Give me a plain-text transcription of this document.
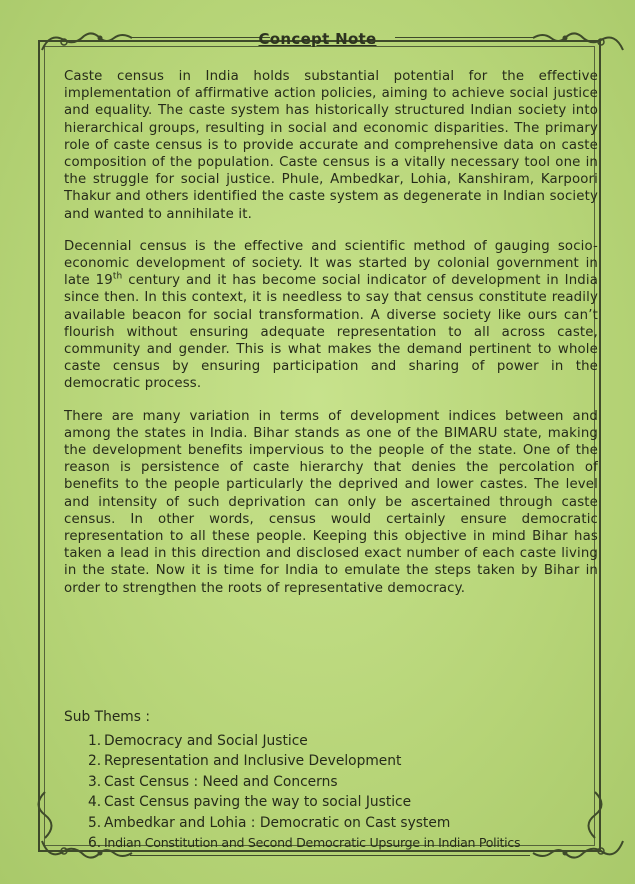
Concept Note

Caste census in India holds substantial potential for the effective implementation of affirmative action policies, aiming to achieve social justice and equality. The caste system has historically structured Indian society into hierarchical groups, resulting in social and economic disparities. The primary role of caste census is to provide accurate and comprehensive data on caste composition of the population. Caste census is a vitally necessary tool one in the struggle for social justice. Phule, Ambedkar, Lohia, Kanshiram, Karpoori Thakur and others identified the caste system as degenerate in Indian society and wanted to annihilate it.

Decennial census is the effective and scientific method of gauging socio-economic development of society. It was started by colonial government in late 19th century and it has become social indicator of development in India since then. In this context, it is needless to say that census constitute readily available beacon for social transformation. A diverse society like ours can’t flourish without ensuring adequate representation to all across caste, community and gender. This is what makes the demand pertinent to whole caste census by ensuring participation and sharing of power in the democratic process.

There are many variation in terms of development indices between and among the states in India. Bihar stands as one of the BIMARU state, making the development benefits impervious to the people of the state. One of the reason is persistence of caste hierarchy that denies the percolation of benefits to the people particularly the deprived and lower castes. The level and intensity of such deprivation can only be ascertained through caste census. In other words, census would certainly ensure democratic representation to all these people. Keeping this objective in mind Bihar has taken a lead in this direction and disclosed exact number of each caste living in the state. Now it is time for India to emulate the steps taken by Bihar in order to strengthen the roots of representative democracy.

Sub Thems :
1. Democracy and Social Justice
2. Representation and Inclusive Development
3. Cast Census : Need and Concerns
4. Cast Census paving the way to social Justice
5. Ambedkar and Lohia : Democratic on Cast system
6. Indian Constitution and Second Democratic Upsurge in Indian Politics
